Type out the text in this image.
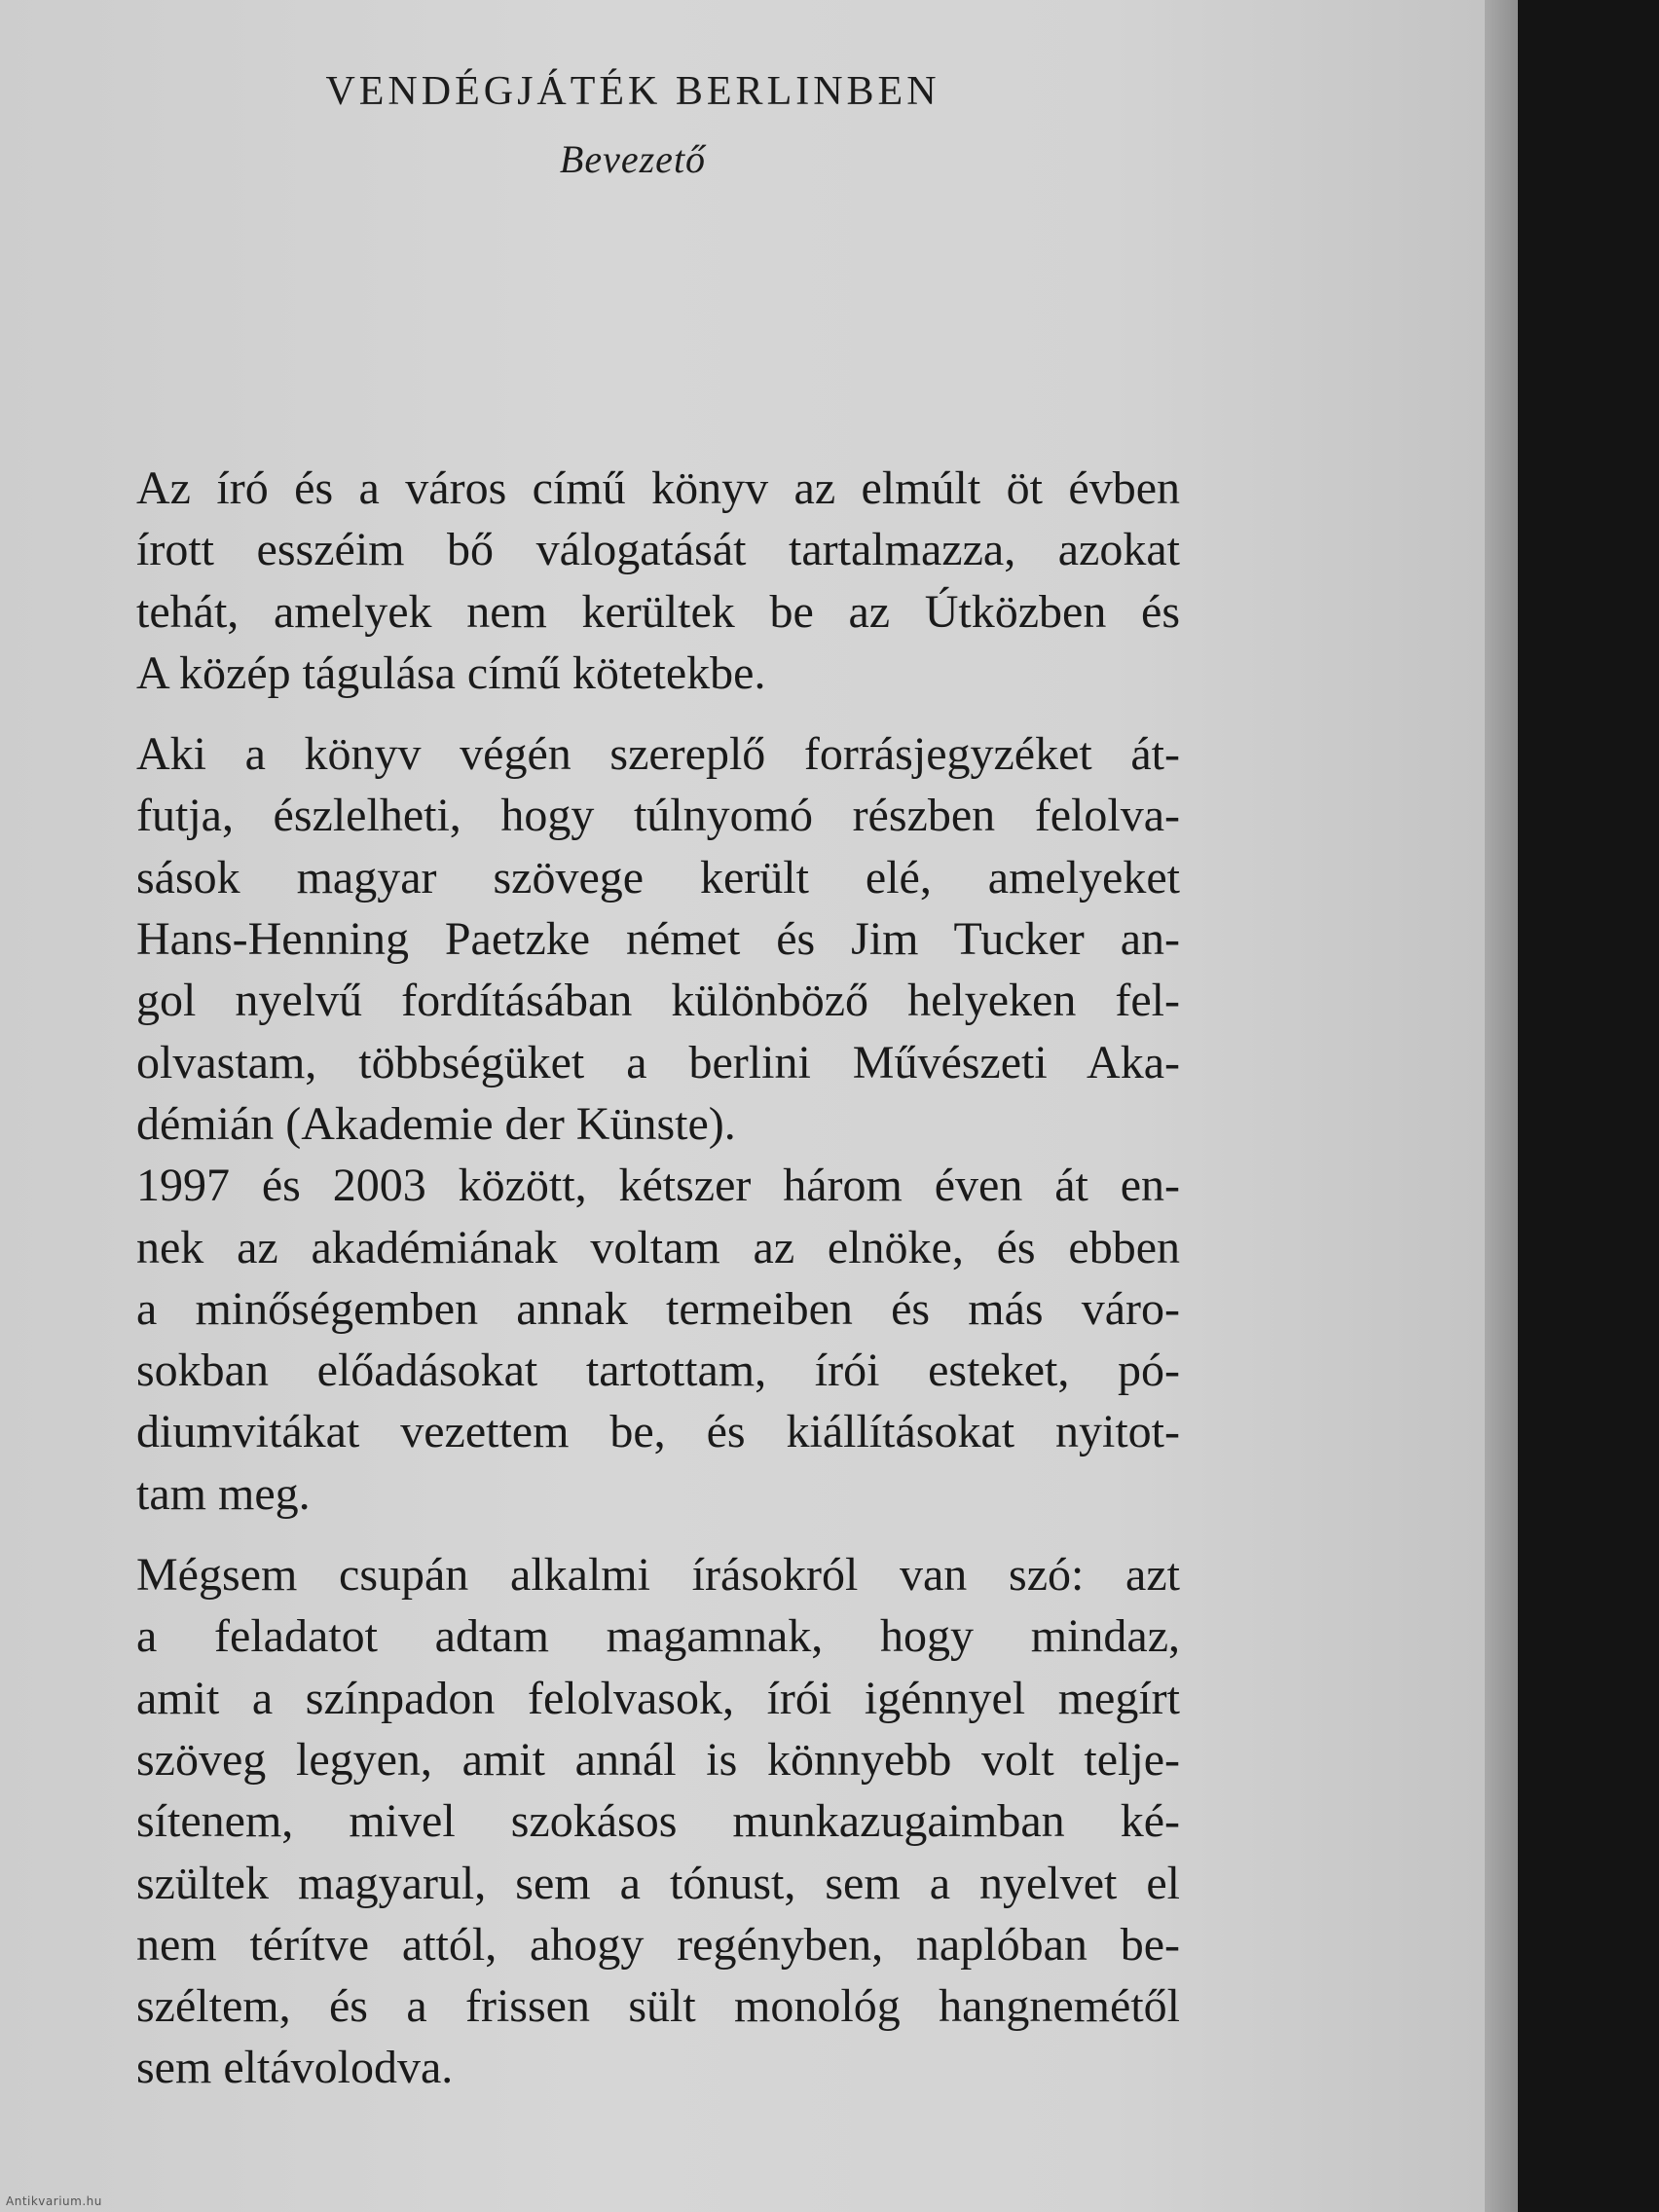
VENDÉGJÁTÉK BERLINBEN
Bevezető
Az író és a város című könyv az elmúlt öt évben
írott esszéim bő válogatását tartalmazza, azokat
tehát, amelyek nem kerültek be az Útközben és
A közép tágulása című kötetekbe.
Aki a könyv végén szereplő forrásjegyzéket át-
futja, észlelheti, hogy túlnyomó részben felolva-
sások magyar szövege került elé, amelyeket
Hans-Henning Paetzke német és Jim Tucker an-
gol nyelvű fordításában különböző helyeken fel-
olvastam, többségüket a berlini Művészeti Aka-
démián (Akademie der Künste).
1997 és 2003 között, kétszer három éven át en-
nek az akadémiának voltam az elnöke, és ebben
a minőségemben annak termeiben és más váro-
sokban előadásokat tartottam, írói esteket, pó-
diumvitákat vezettem be, és kiállításokat nyitot-
tam meg.
Mégsem csupán alkalmi írásokról van szó: azt
a feladatot adtam magamnak, hogy mindaz,
amit a színpadon felolvasok, írói igénnyel megírt
szöveg legyen, amit annál is könnyebb volt telje-
sítenem, mivel szokásos munkazugaimban ké-
szültek magyarul, sem a tónust, sem a nyelvet el
nem térítve attól, ahogy regényben, naplóban be-
széltem, és a frissen sült monológ hangnemétől
sem eltávolodva.
Antikvarium.hu
